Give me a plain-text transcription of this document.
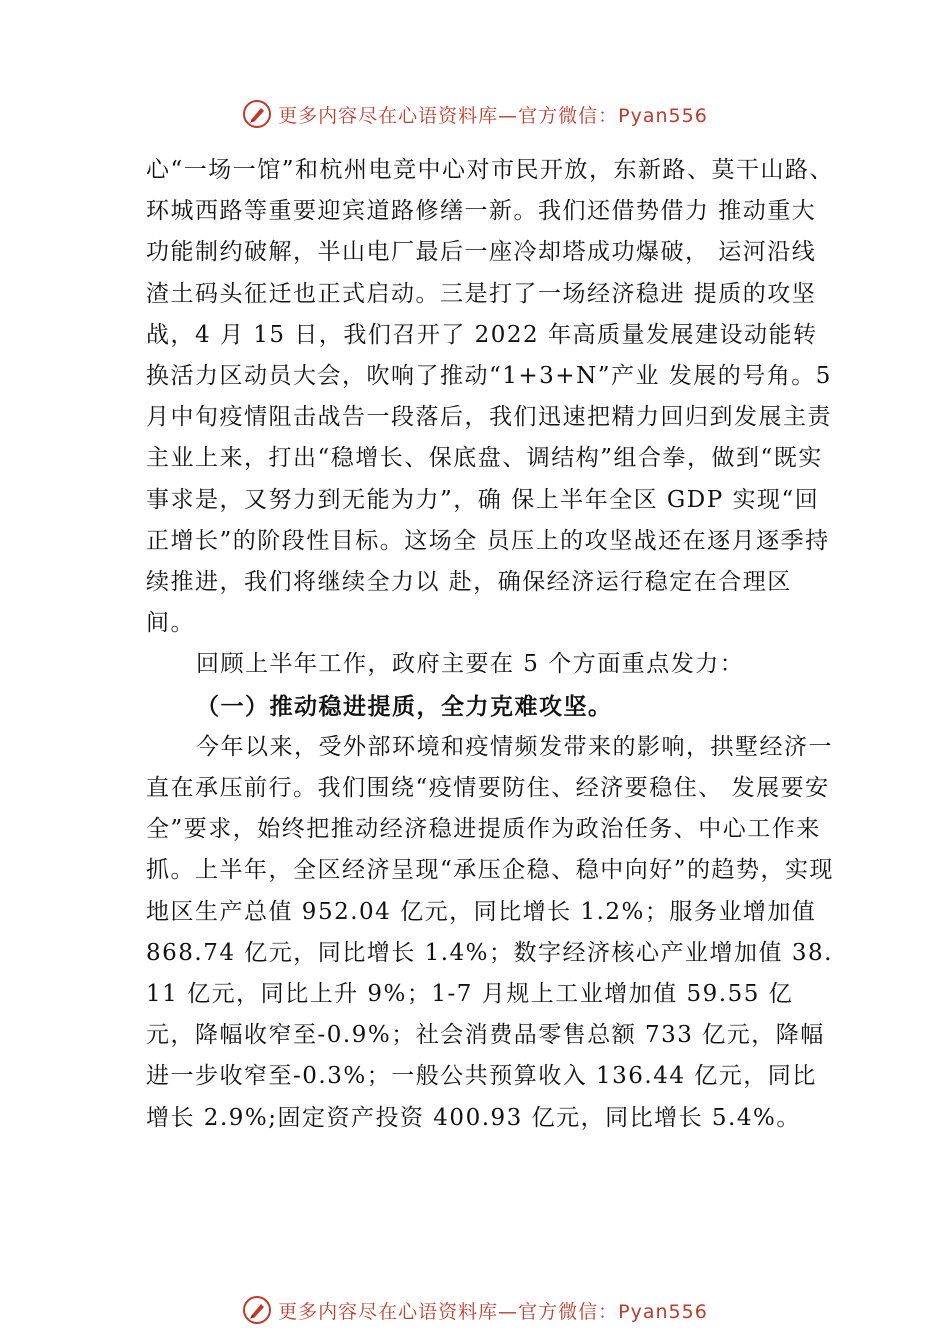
更多内容尽在心语资料库—官方微信：Pyan556

心“一场一馆”和杭州电竞中心对市民开放，东新路、莫干山路、环城西路等重要迎宾道路修缮一新。我们还借势借力 推动重大功能制约破解，半山电厂最后一座冷却塔成功爆破， 运河沿线渣土码头征迁也正式启动。三是打了一场经济稳进 提质的攻坚战，4 月 15 日，我们召开了 2022 年高质量发展建设动能转换活力区动员大会，吹响了推动“1+3+N”产业 发展的号角。5 月中旬疫情阻击战告一段落后，我们迅速把精力回归到发展主责主业上来，打出“稳增长、保底盘、调结构”组合拳，做到“既实事求是，又努力到无能为力”，确 保上半年全区 GDP 实现“回正增长”的阶段性目标。这场全 员压上的攻坚战还在逐月逐季持续推进，我们将继续全力以 赴，确保经济运行稳定在合理区间。

回顾上半年工作，政府主要在 5 个方面重点发力：

（一）推动稳进提质，全力克难攻坚。

今年以来，受外部环境和疫情频发带来的影响，拱墅经济一直在承压前行。我们围绕“疫情要防住、经济要稳住、 发展要安全”要求，始终把推动经济稳进提质作为政治任务、中心工作来抓。上半年，全区经济呈现“承压企稳、稳中向好”的趋势，实现地区生产总值 952.04 亿元，同比增长 1.2%；服务业增加值 868.74 亿元，同比增长 1.4%；数字经济核心产业增加值 38.11 亿元，同比上升 9%；1-7 月规上工业增加值 59.55 亿元，降幅收窄至-0.9%；社会消费品零售总额 733 亿元，降幅进一步收窄至-0.3%；一般公共预算收入 136.44 亿元，同比增长 2.9%;固定资产投资 400.93 亿元，同比增长 5.4%。

更多内容尽在心语资料库—官方微信：Pyan556
